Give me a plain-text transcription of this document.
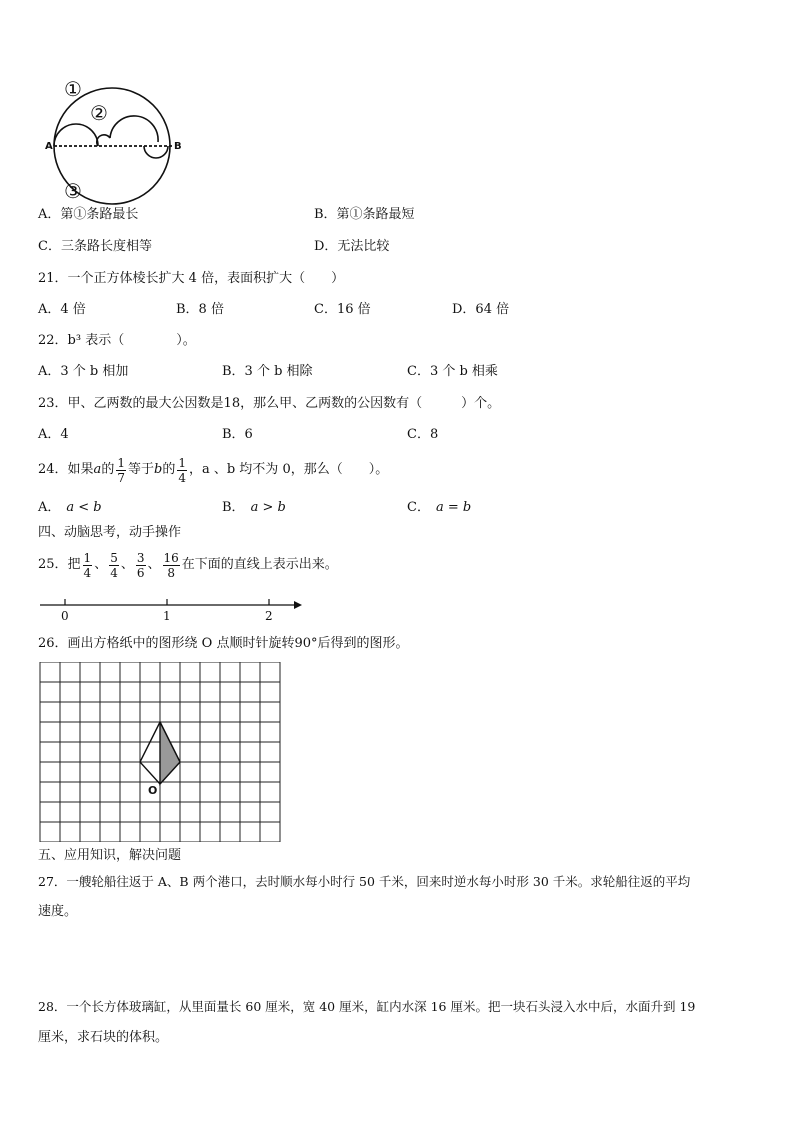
①
②
③
A	B
A．第①条路最长	B．第①条路最短
C．三条路长度相等	D．无法比较
21．一个正方体棱长扩大 4 倍，表面积扩大（　　）
A．4 倍	B．8 倍	C．16 倍	D．64 倍
22．b³ 表示（　　　　）。
A．3 个 b 相加	B．3 个 b 相除	C．3 个 b 相乘
23．甲、乙两数的最大公因数是18，那么甲、乙两数的公因数有（　　　）个。
A．4	B．6	C．8
24．如果 a 的 $\frac{1}{7}$ 等于 b 的 $\frac{1}{4}$ ，a 、b 均不为 0，那么（　　）。
A． a < b	B． a > b	C． a = b
四、动脑思考，动手操作
25．把 $\frac{1}{4}$ 、 $\frac{5}{4}$ 、 $\frac{3}{6}$ 、 $\frac{16}{8}$ 在下面的直线上表示出来。
0	1	2
26．画出方格纸中的图形绕 O 点顺时针旋转90°后得到的图形。
O
五、应用知识，解决问题
27．一艘轮船往返于 A、B 两个港口，去时顺水每小时行 50 千米，回来时逆水每小时形 30 千米。求轮船往返的平均
速度。
28．一个长方体玻璃缸，从里面量长 60 厘米，宽 40 厘米，缸内水深 16 厘米。把一块石头浸入水中后，水面升到 19
厘米，求石块的体积。
